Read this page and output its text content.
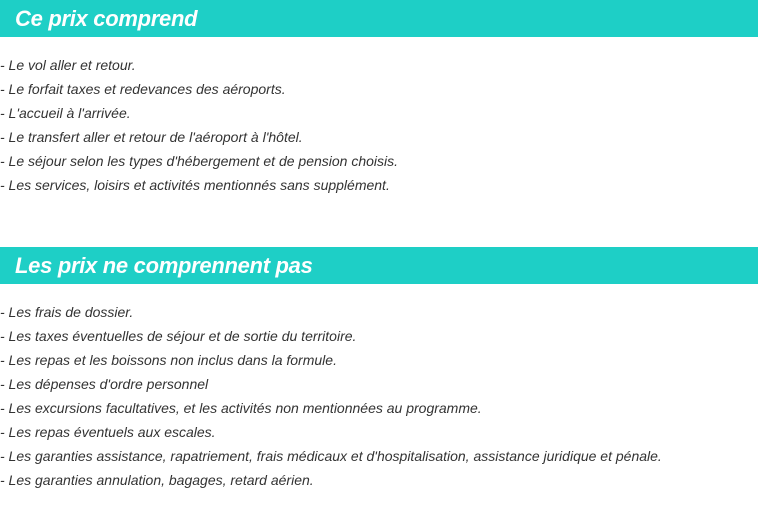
Ce prix comprend
- Le vol aller et retour.
- Le forfait taxes et redevances des aéroports.
- L'accueil à l'arrivée.
- Le transfert aller et retour de l'aéroport à l'hôtel.
- Le séjour selon les types d'hébergement et de pension choisis.
- Les services, loisirs et activités mentionnés sans supplément.
Les prix ne comprennent pas
- Les frais de dossier.
- Les taxes éventuelles de séjour et de sortie du territoire.
- Les repas et les boissons non inclus dans la formule.
- Les dépenses d'ordre personnel
- Les excursions facultatives, et les activités non mentionnées au programme.
- Les repas éventuels aux escales.
- Les garanties assistance, rapatriement, frais médicaux et d'hospitalisation, assistance juridique et pénale.
- Les garanties annulation, bagages, retard aérien.
